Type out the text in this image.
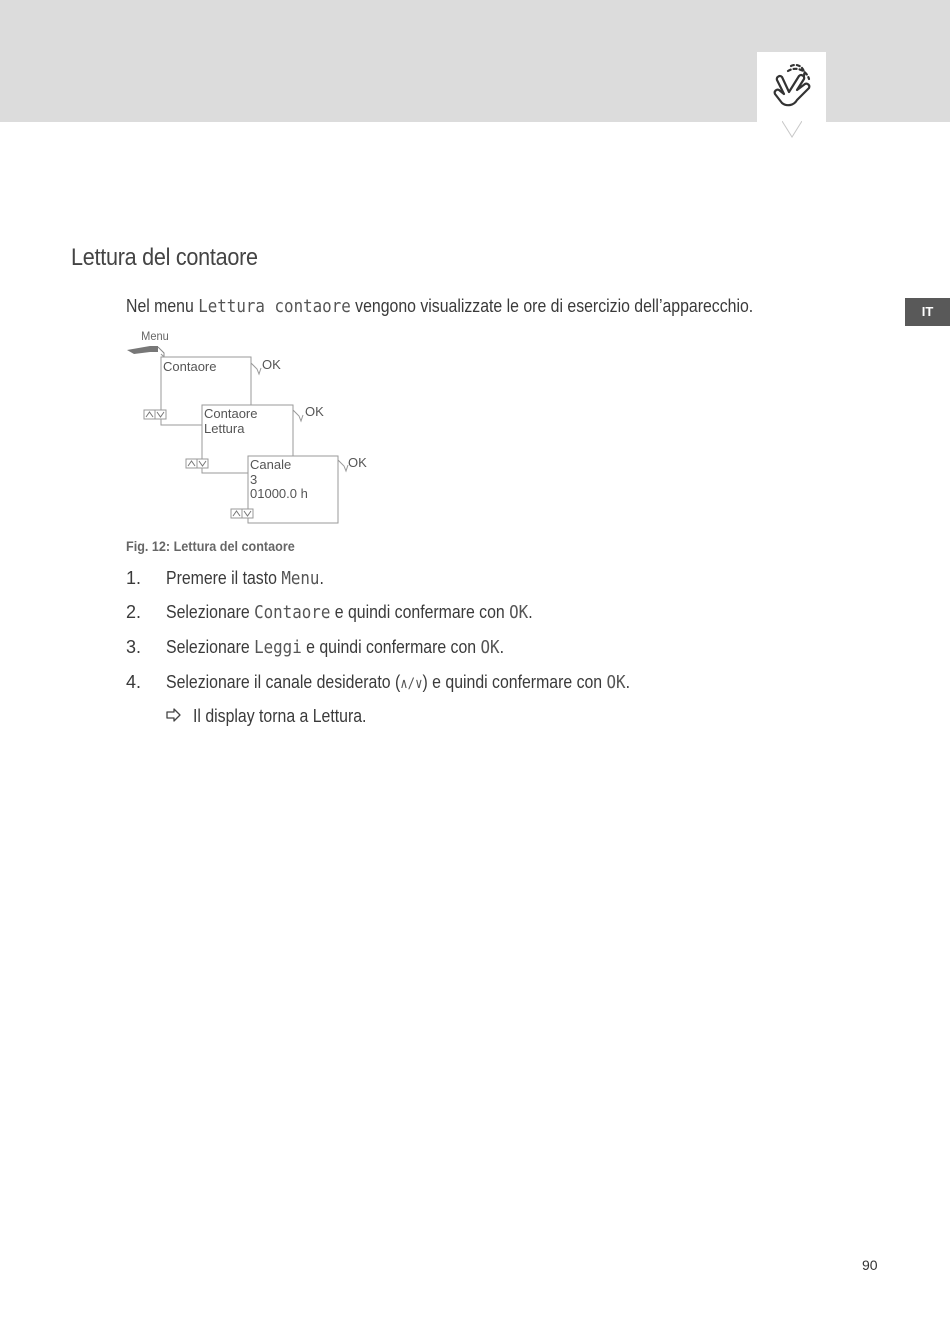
Lettura del contaore
IT
Nel menu Lettura contaore vengono visualizzate le ore di esercizio dell’apparecchio.
Menu
Contaore	OK
Contaore
Lettura
OK
Canale
3
01000.0 h
OK
Fig. 12: Lettura del contaore
1. Premere il tasto Menu.
2. Selezionare Contaore e quindi confermare con OK.
3. Selezionare Leggi e quindi confermare con OK.
4. Selezionare il canale desiderato (∧/∨) e quindi confermare con OK.
Il display torna a Lettura.
90
